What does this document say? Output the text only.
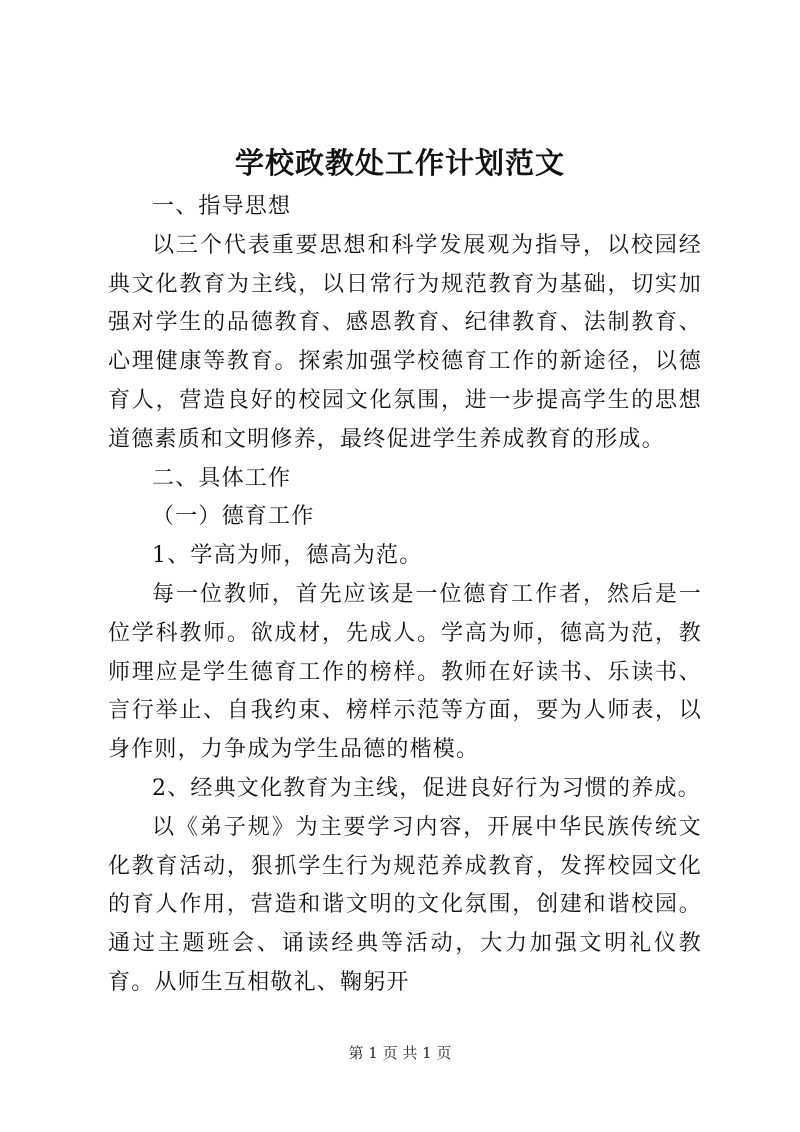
学校政教处工作计划范文

一、指导思想

以三个代表重要思想和科学发展观为指导，以校园经典文化教育为主线，以日常行为规范教育为基础，切实加强对学生的品德教育、感恩教育、纪律教育、法制教育、心理健康等教育。探索加强学校德育工作的新途径，以德育人，营造良好的校园文化氛围，进一步提高学生的思想道德素质和文明修养，最终促进学生养成教育的形成。

二、具体工作

（一）德育工作

1、学高为师，德高为范。

每一位教师，首先应该是一位德育工作者，然后是一位学科教师。欲成材，先成人。学高为师，德高为范，教师理应是学生德育工作的榜样。教师在好读书、乐读书、言行举止、自我约束、榜样示范等方面，要为人师表，以身作则，力争成为学生品德的楷模。

2、经典文化教育为主线，促进良好行为习惯的养成。

以《弟子规》为主要学习内容，开展中华民族传统文化教育活动，狠抓学生行为规范养成教育，发挥校园文化的育人作用，营造和谐文明的文化氛围，创建和谐校园。通过主题班会、诵读经典等活动，大力加强文明礼仪教育。从师生互相敬礼、鞠躬开

第 1 页 共 1 页
